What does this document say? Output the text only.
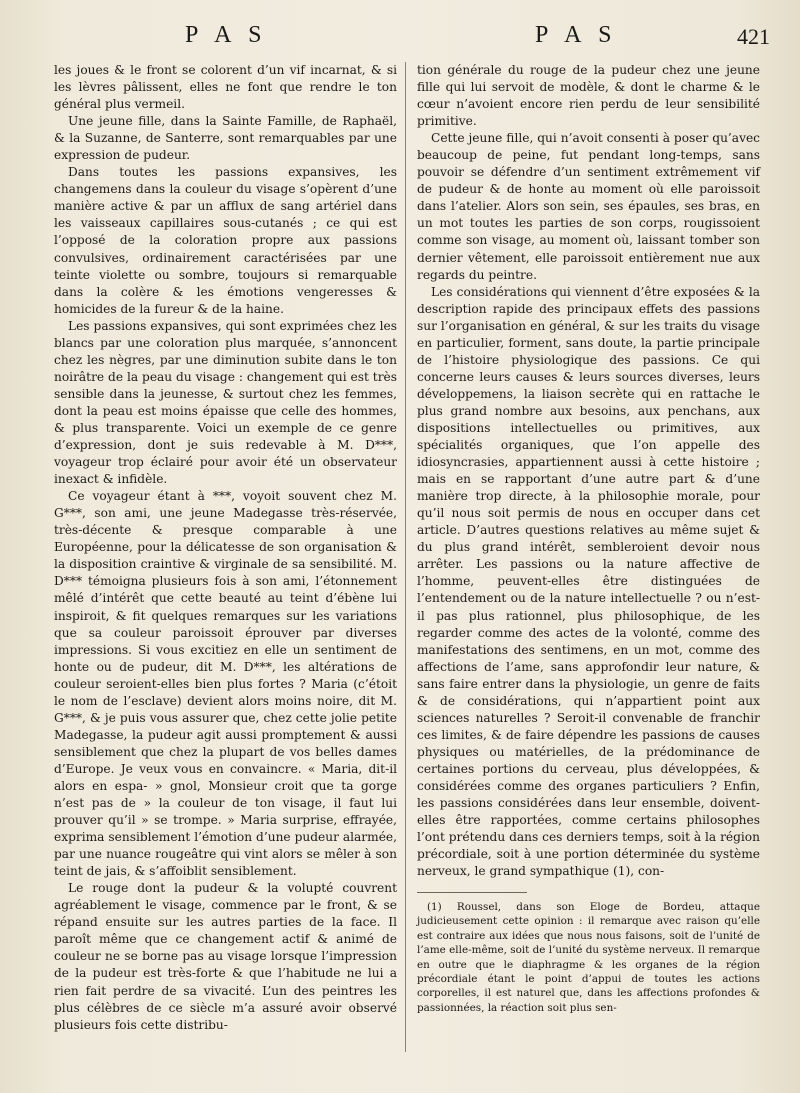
P A S	P A S	421

les joues & le front se colorent d’un vif incarnat, & si les lèvres pâlissent, elles ne font que rendre le ton général plus vermeil.

Une jeune fille, dans la Sainte Famille, de Raphaël, & la Suzanne, de Santerre, sont remarquables par une expression de pudeur.

Dans toutes les passions expansives, les changemens dans la couleur du visage s’opèrent d’une manière active & par un afflux de sang artériel dans les vaisseaux capillaires sous-cutanés ; ce qui est l’opposé de la coloration propre aux passions convulsives, ordinairement caractérisées par une teinte violette ou sombre, toujours si remarquable dans la colère & les émotions vengeresses & homicides de la fureur & de la haine.

Les passions expansives, qui sont exprimées chez les blancs par une coloration plus marquée, s’annoncent chez les nègres, par une diminution subite dans le ton noirâtre de la peau du visage : changement qui est très sensible dans la jeunesse, & surtout chez les femmes, dont la peau est moins épaisse que celle des hommes, & plus transparente. Voici un exemple de ce genre d’expression, dont je suis redevable à M. D***, voyageur trop éclairé pour avoir été un observateur inexact & infidèle.

Ce voyageur étant à ***, voyoit souvent chez M. G***, son ami, une jeune Madegasse très-réservée, très-décente & presque comparable à une Européenne, pour la délicatesse de son organisation & la disposition craintive & virginale de sa sensibilité. M. D*** témoigna plusieurs fois à son ami, l’étonnement mêlé d’intérêt que cette beauté au teint d’ébène lui inspiroit, & fit quelques remarques sur les variations que sa couleur paroissoit éprouver par diverses impressions. Si vous excitiez en elle un sentiment de honte ou de pudeur, dit M. D***, les altérations de couleur seroient-elles bien plus fortes ? Maria (c’étoit le nom de l’esclave) devient alors moins noire, dit M. G***, & je puis vous assurer que, chez cette jolie petite Madegasse, la pudeur agit aussi promptement & aussi sensiblement que chez la plupart de vos belles dames d’Europe. Je veux vous en convaincre. « Maria, dit-il alors en espa- » gnol, Monsieur croit que ta gorge n’est pas de » la couleur de ton visage, il faut lui prouver qu’il » se trompe. » Maria surprise, effrayée, exprima sensiblement l’émotion d’une pudeur alarmée, par une nuance rougeâtre qui vint alors se mêler à son teint de jais, & s’affoiblit sensiblement.

Le rouge dont la pudeur & la volupté couvrent agréablement le visage, commence par le front, & se répand ensuite sur les autres parties de la face. Il paroît même que ce changement actif & animé de couleur ne se borne pas au visage lorsque l’impression de la pudeur est très-forte & que l’habitude ne lui a rien fait perdre de sa vivacité. L’un des peintres les plus célèbres de ce siècle m’a assuré avoir observé plusieurs fois cette distribu-

tion générale du rouge de la pudeur chez une jeune fille qui lui servoit de modèle, & dont le charme & le cœur n’avoient encore rien perdu de leur sensibilité primitive.

Cette jeune fille, qui n’avoit consenti à poser qu’avec beaucoup de peine, fut pendant long-temps, sans pouvoir se défendre d’un sentiment extrêmement vif de pudeur & de honte au moment où elle paroissoit dans l’atelier. Alors son sein, ses épaules, ses bras, en un mot toutes les parties de son corps, rougissoient comme son visage, au moment où, laissant tomber son dernier vêtement, elle paroissoit entièrement nue aux regards du peintre.

Les considérations qui viennent d’être exposées & la description rapide des principaux effets des passions sur l’organisation en général, & sur les traits du visage en particulier, forment, sans doute, la partie principale de l’histoire physiologique des passions. Ce qui concerne leurs causes & leurs sources diverses, leurs développemens, la liaison secrète qui en rattache le plus grand nombre aux besoins, aux penchans, aux dispositions intellectuelles ou primitives, aux spécialités organiques, que l’on appelle des idiosyncrasies, appartiennent aussi à cette histoire ; mais en se rapportant d’une autre part & d’une manière trop directe, à la philosophie morale, pour qu’il nous soit permis de nous en occuper dans cet article. D’autres questions relatives au même sujet & du plus grand intérêt, sembleroient devoir nous arrêter. Les passions ou la nature affective de l’homme, peuvent-elles être distinguées de l’entendement ou de la nature intellectuelle ? ou n’est-il pas plus rationnel, plus philosophique, de les regarder comme des actes de la volonté, comme des manifestations des sentimens, en un mot, comme des affections de l’ame, sans approfondir leur nature, & sans faire entrer dans la physiologie, un genre de faits & de considérations, qui n’appartient point aux sciences naturelles ? Seroit-il convenable de franchir ces limites, & de faire dépendre les passions de causes physiques ou matérielles, de la prédominance de certaines portions du cerveau, plus développées, & considérées comme des organes particuliers ? Enfin, les passions considérées dans leur ensemble, doivent-elles être rapportées, comme certains philosophes l’ont prétendu dans ces derniers temps, soit à la région précordiale, soit à une portion déterminée du système nerveux, le grand sympathique (1), con-

(1) Roussel, dans son Eloge de Bordeu, attaque judicieusement cette opinion : il remarque avec raison qu’elle est contraire aux idées que nous nous faisons, soit de l’unité de l’ame elle-même, soit de l’unité du système nerveux. Il remarque en outre que le diaphragme & les organes de la région précordiale étant le point d’appui de toutes les actions corporelles, il est naturel que, dans les affections profondes & passionnées, la réaction soit plus sen-
